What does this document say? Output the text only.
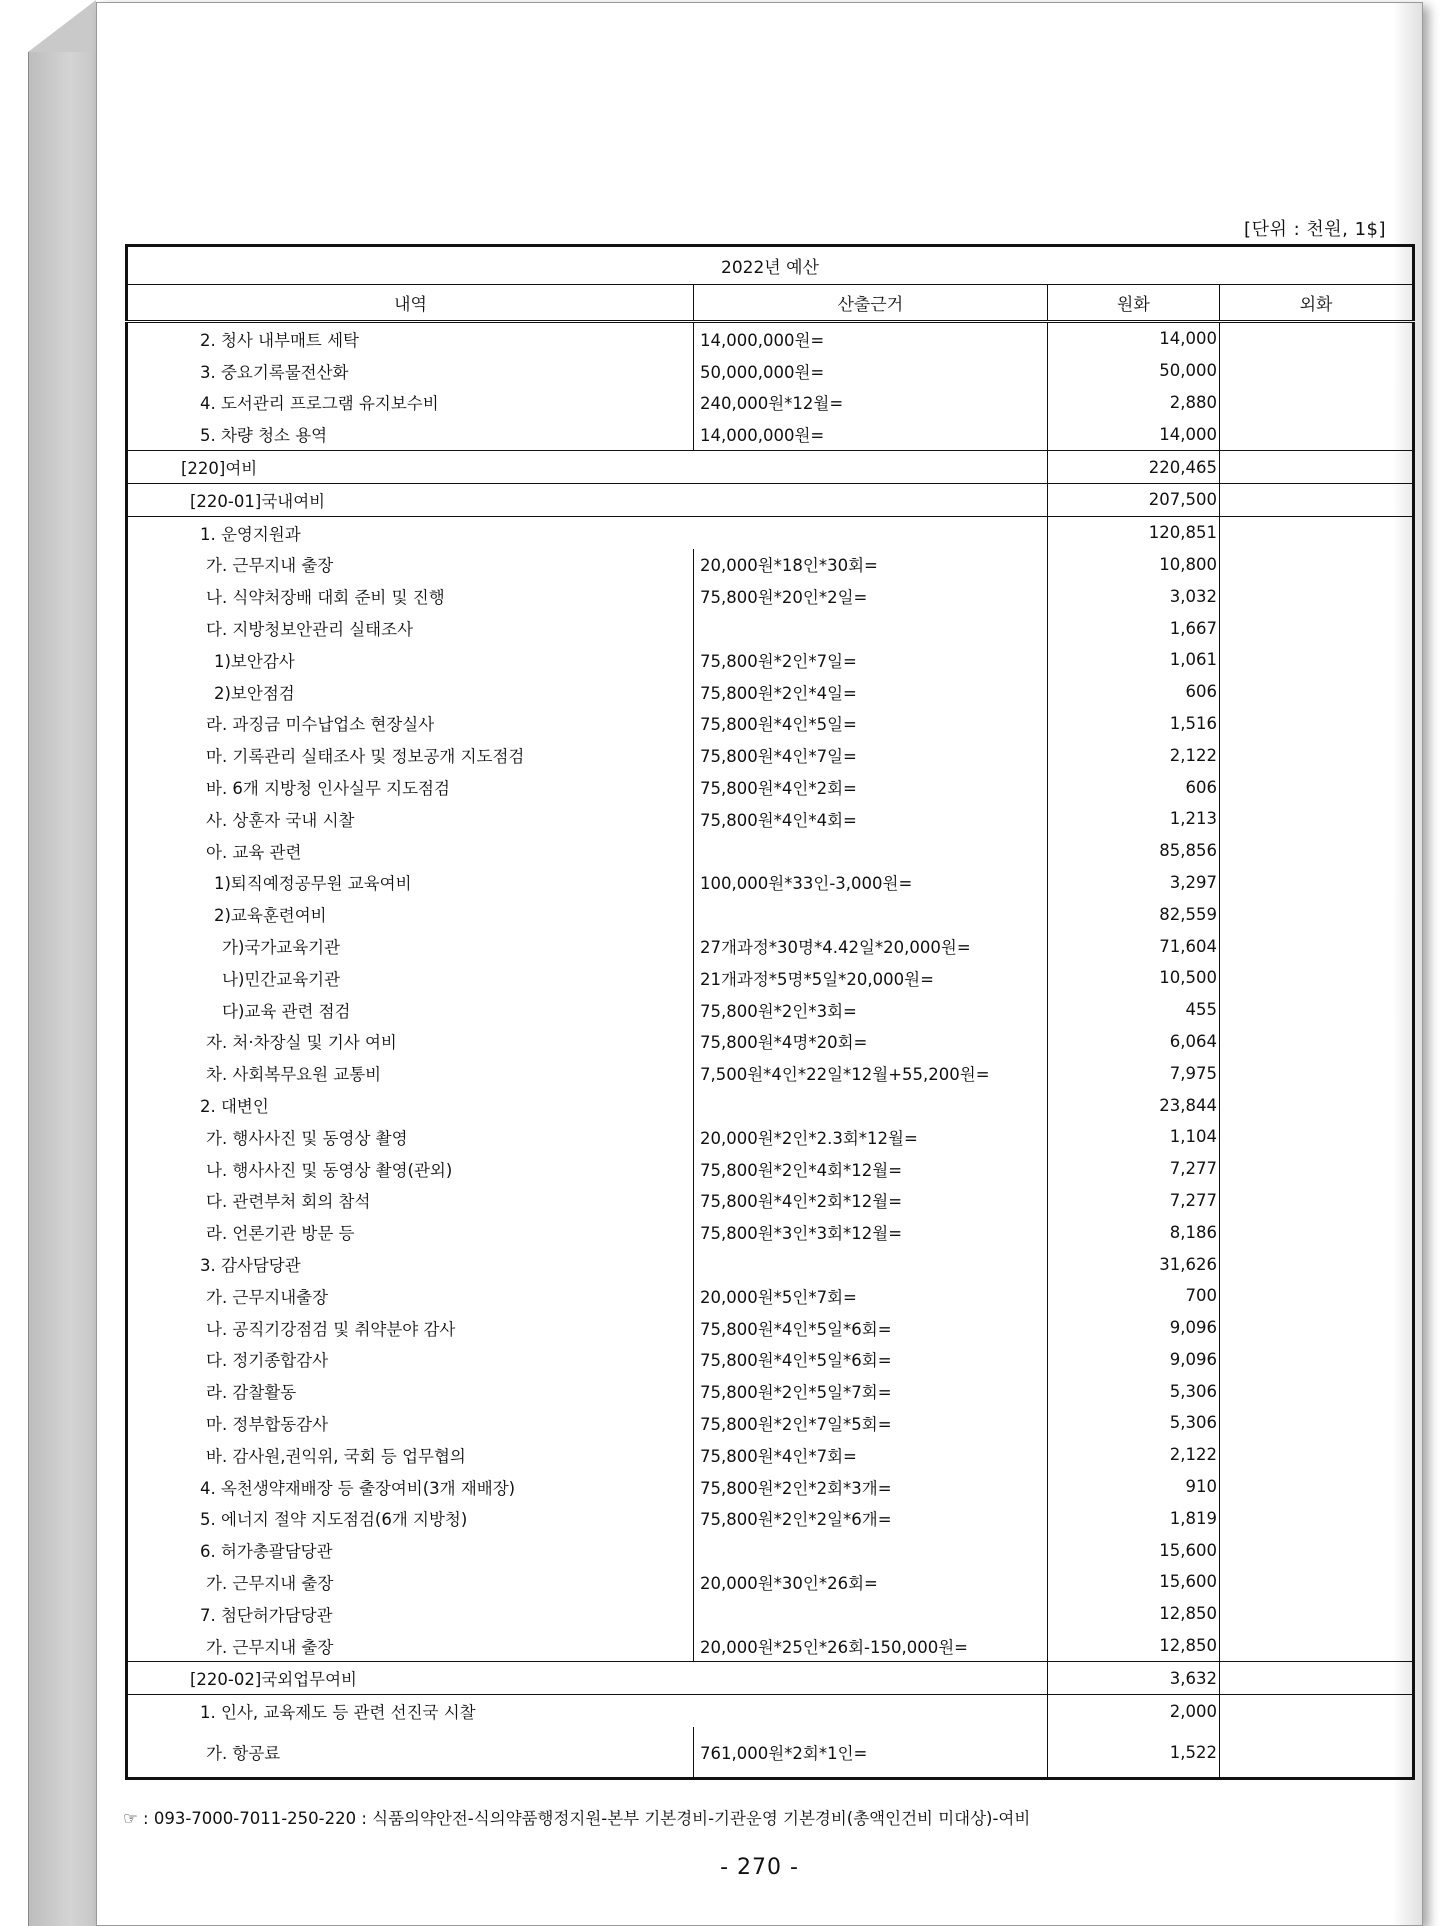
[단위 : 천원, 1$]
2022년 예산			
내역	산출근거	원화	외화
2. 청사 내부매트 세탁	14,000,000원=	14,000	
3. 중요기록물전산화	50,000,000원=	50,000	
4. 도서관리 프로그램 유지보수비	240,000원*12월=	2,880	
5. 차량 청소 용역	14,000,000원=	14,000	
[220]여비		220,465	
[220-01]국내여비		207,500	
1. 운영지원과		120,851	
가. 근무지내 출장	20,000원*18인*30회=	10,800	
나. 식약처장배 대회 준비 및 진행	75,800원*20인*2일=	3,032	
다. 지방청보안관리 실태조사		1,667	
1)보안감사	75,800원*2인*7일=	1,061	
2)보안점검	75,800원*2인*4일=	606	
라. 과징금 미수납업소 현장실사	75,800원*4인*5일=	1,516	
마. 기록관리 실태조사 및 정보공개 지도점검	75,800원*4인*7일=	2,122	
바. 6개 지방청 인사실무 지도점검	75,800원*4인*2회=	606	
사. 상훈자 국내 시찰	75,800원*4인*4회=	1,213	
아. 교육 관련		85,856	
1)퇴직예정공무원 교육여비	100,000원*33인-3,000원=	3,297	
2)교육훈련여비		82,559	
가)국가교육기관	27개과정*30명*4.42일*20,000원=	71,604	
나)민간교육기관	21개과정*5명*5일*20,000원=	10,500	
다)교육 관련 점검	75,800원*2인*3회=	455	
자. 처·차장실 및 기사 여비	75,800원*4명*20회=	6,064	
차. 사회복무요원 교통비	7,500원*4인*22일*12월+55,200원=	7,975	
2. 대변인		23,844	
가. 행사사진 및 동영상 촬영	20,000원*2인*2.3회*12월=	1,104	
나. 행사사진 및 동영상 촬영(관외)	75,800원*2인*4회*12월=	7,277	
다. 관련부처 회의 참석	75,800원*4인*2회*12월=	7,277	
라. 언론기관 방문 등	75,800원*3인*3회*12월=	8,186	
3. 감사담당관		31,626	
가. 근무지내출장	20,000원*5인*7회=	700	
나. 공직기강점검 및 취약분야 감사	75,800원*4인*5일*6회=	9,096	
다. 정기종합감사	75,800원*4인*5일*6회=	9,096	
라. 감찰활동	75,800원*2인*5일*7회=	5,306	
마. 정부합동감사	75,800원*2인*7일*5회=	5,306	
바. 감사원,권익위, 국회 등 업무협의	75,800원*4인*7회=	2,122	
4. 옥천생약재배장 등 출장여비(3개 재배장)	75,800원*2인*2회*3개=	910	
5. 에너지 절약 지도점검(6개 지방청)	75,800원*2인*2일*6개=	1,819	
6. 허가총괄담당관		15,600	
가. 근무지내 출장	20,000원*30인*26회=	15,600	
7. 첨단허가담당관		12,850	
가. 근무지내 출장	20,000원*25인*26회-150,000원=	12,850	
[220-02]국외업무여비		3,632	
1. 인사, 교육제도 등 관련 선진국 시찰		2,000	
가. 항공료	761,000원*2회*1인=	1,522	
☞ : 093-7000-7011-250-220 : 식품의약안전-식의약품행정지원-본부 기본경비-기관운영 기본경비(총액인건비 미대상)-여비
- 270 -
